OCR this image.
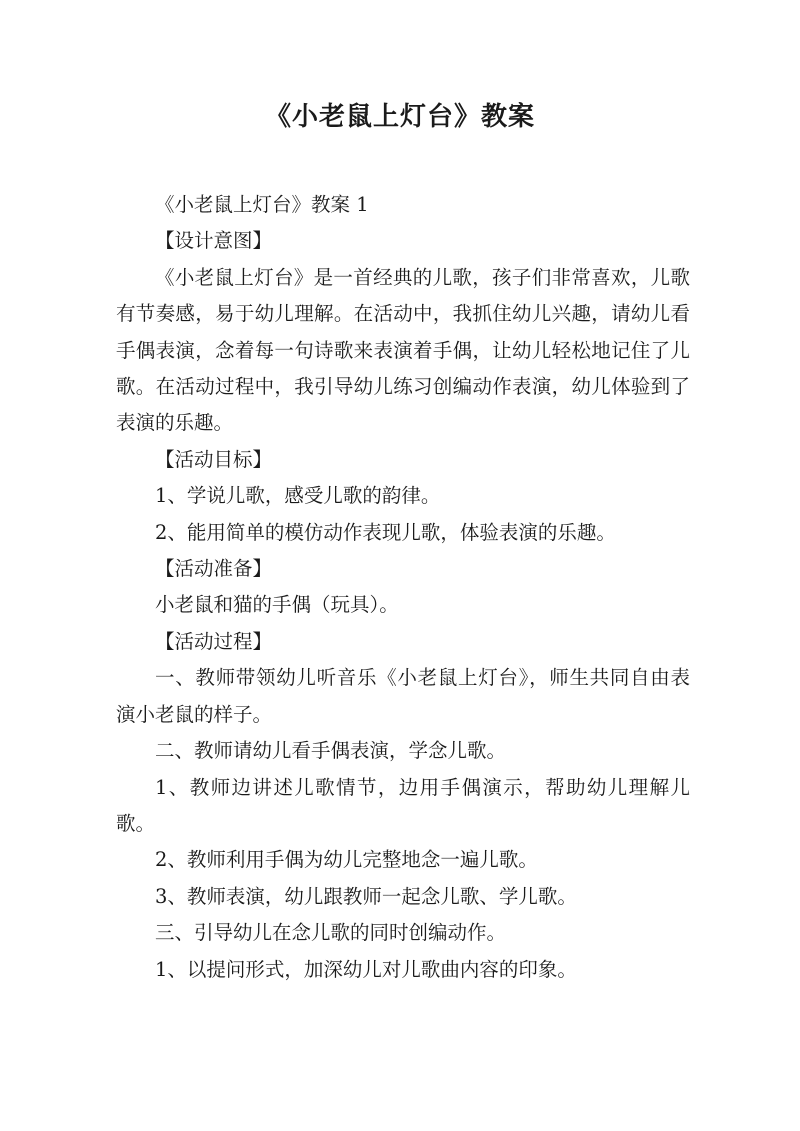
《小老鼠上灯台》教案

《小老鼠上灯台》教案 1

【设计意图】

《小老鼠上灯台》是一首经典的儿歌，孩子们非常喜欢，儿歌有节奏感，易于幼儿理解。在活动中，我抓住幼儿兴趣，请幼儿看手偶表演，念着每一句诗歌来表演着手偶，让幼儿轻松地记住了儿歌。在活动过程中，我引导幼儿练习创编动作表演，幼儿体验到了表演的乐趣。

【活动目标】

1、学说儿歌，感受儿歌的韵律。

2、能用简单的模仿动作表现儿歌，体验表演的乐趣。

【活动准备】

小老鼠和猫的手偶（玩具）。

【活动过程】

一、教师带领幼儿听音乐《小老鼠上灯台》，师生共同自由表演小老鼠的样子。

二、教师请幼儿看手偶表演，学念儿歌。

1、教师边讲述儿歌情节，边用手偶演示，帮助幼儿理解儿歌。

2、教师利用手偶为幼儿完整地念一遍儿歌。

3、教师表演，幼儿跟教师一起念儿歌、学儿歌。

三、引导幼儿在念儿歌的同时创编动作。

1、以提问形式，加深幼儿对儿歌曲内容的印象。
